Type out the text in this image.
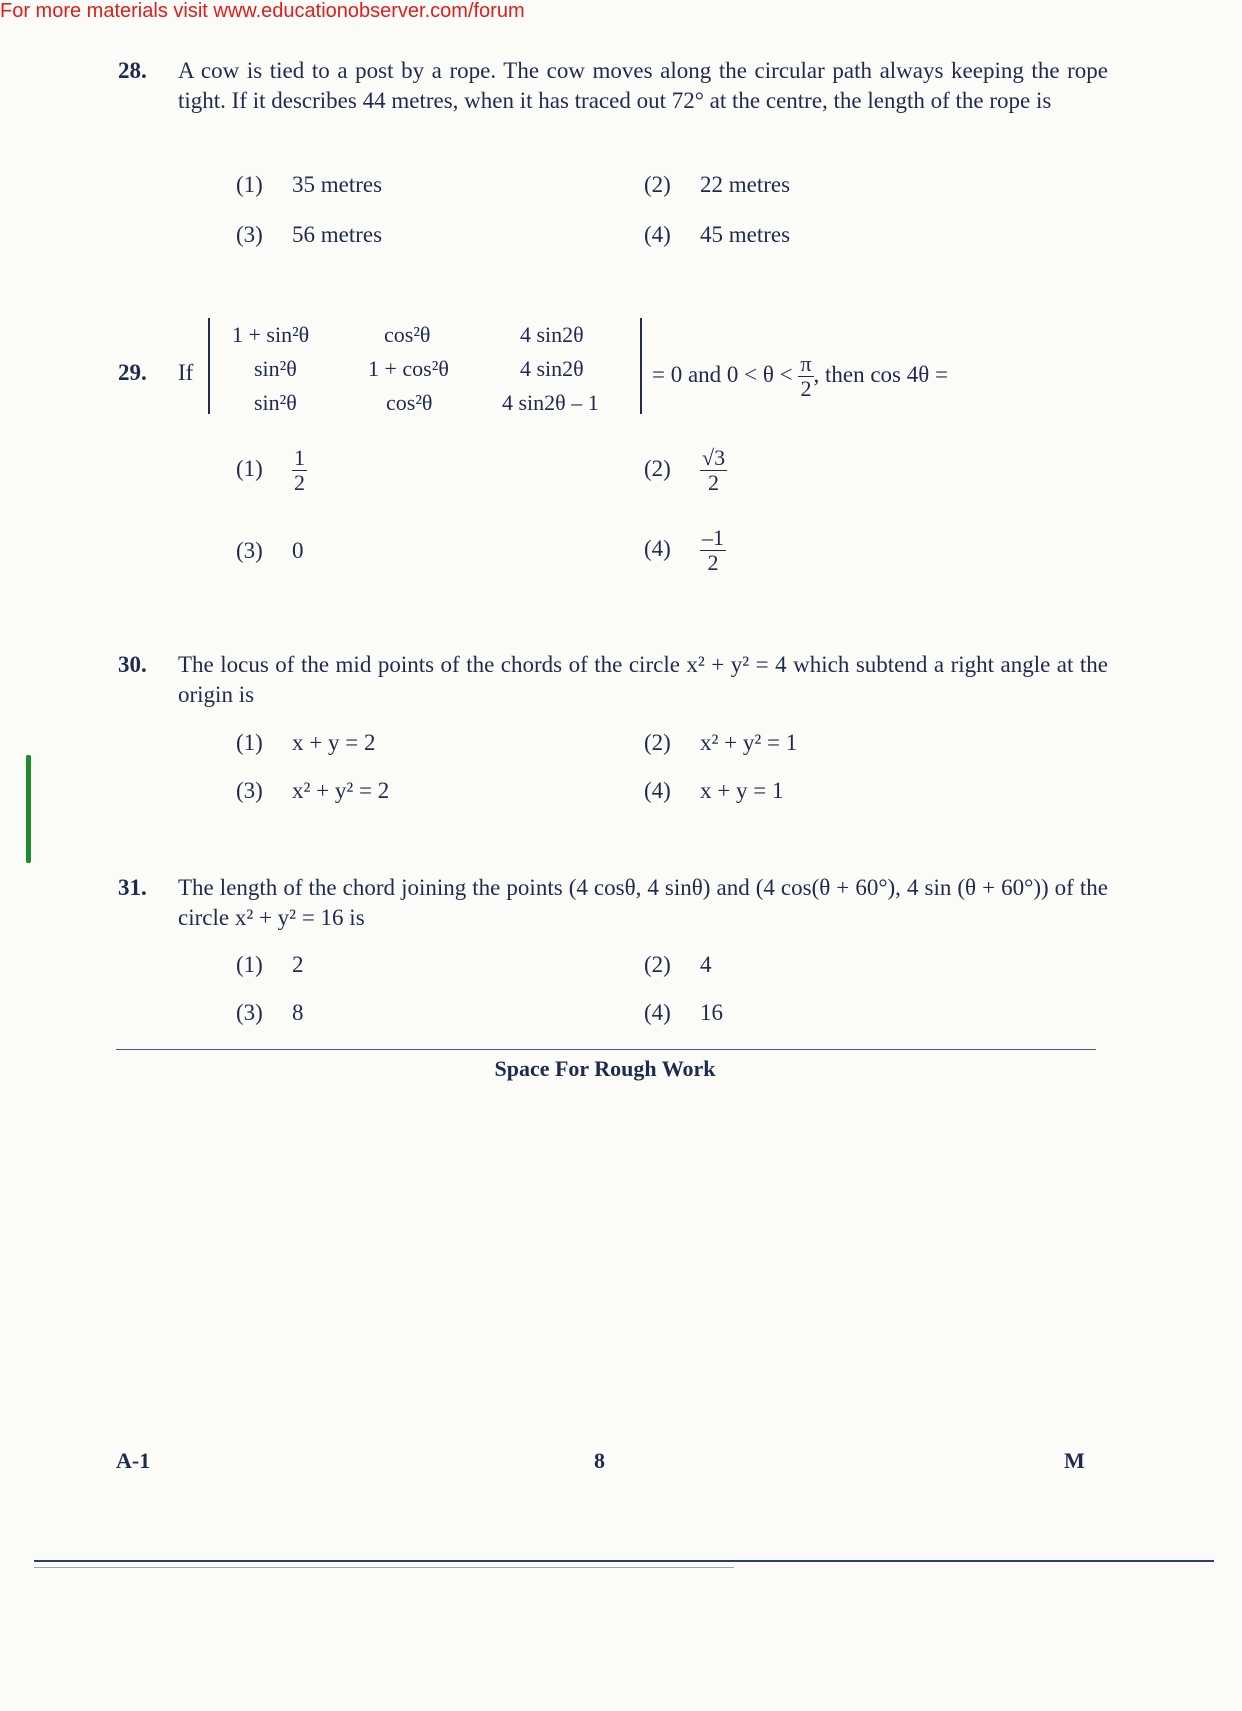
For more materials visit www.educationobserver.com/forum
28. A cow is tied to a post by a rope. The cow moves along the circular path always keeping the rope tight. If it describes 44 metres, when it has traced out 72° at the centre, the length of the rope is
(1) 35 metres	(2) 22 metres
(3) 56 metres	(4) 45 metres
29. If
1 + sin²θ	cos²θ	4 sin2θ
sin²θ	1 + cos²θ	4 sin2θ
sin²θ	cos²θ	4 sin2θ – 1
= 0 and $0 < \theta < \frac{\pi}{2}$ , then cos 4θ =
$(1) \frac{1}{2}$	$(2) \frac{√3}{2}$
(3) 0	$(4) \frac{-1}{2}$
30. The locus of the mid points of the chords of the circle x² + y² = 4 which subtend a right angle at the origin is
(1) x + y = 2	(2) x² + y² = 1
(3) x² + y² = 2	(4) x + y = 1
31. The length of the chord joining the points (4 cosθ, 4 sinθ) and (4 cos(θ + 60°), 4 sin (θ + 60°)) of the circle x² + y² = 16 is
(1) 2	(2) 4
(3) 8	(4) 16
Space For Rough Work
A-1	8	M
